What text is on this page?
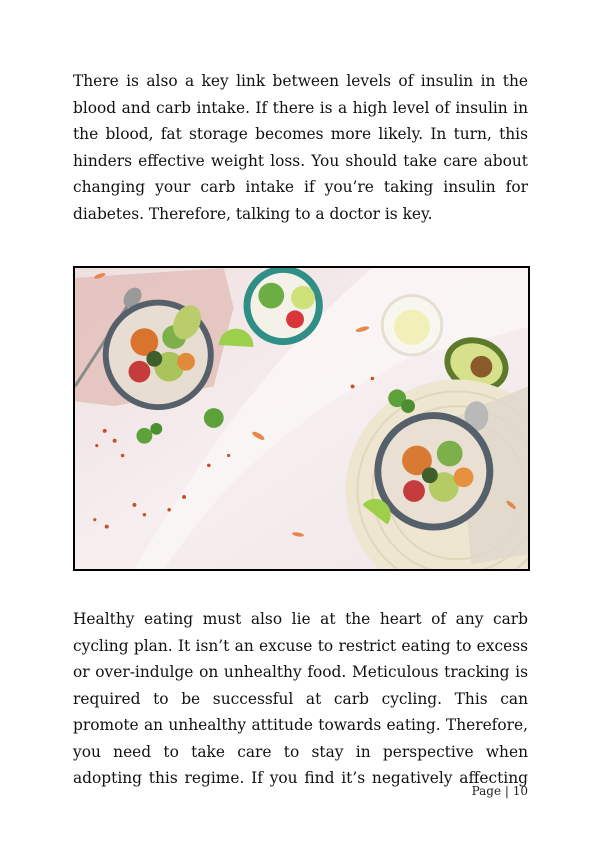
There is also a key link between levels of insulin in the blood and carb intake. If there is a high level of insulin in the blood, fat storage becomes more likely. In turn, this hinders effective weight loss. You should take care about changing your carb intake if you’re taking insulin for diabetes. Therefore, talking to a doctor is key.

Healthy eating must also lie at the heart of any carb cycling plan. It isn’t an excuse to restrict eating to excess or over-indulge on unhealthy food. Meticulous tracking is required to be successful at carb cycling. This can promote an unhealthy attitude towards eating. Therefore, you need to take care to stay in perspective when adopting this regime. If you find it’s negatively affecting

Page | 10
